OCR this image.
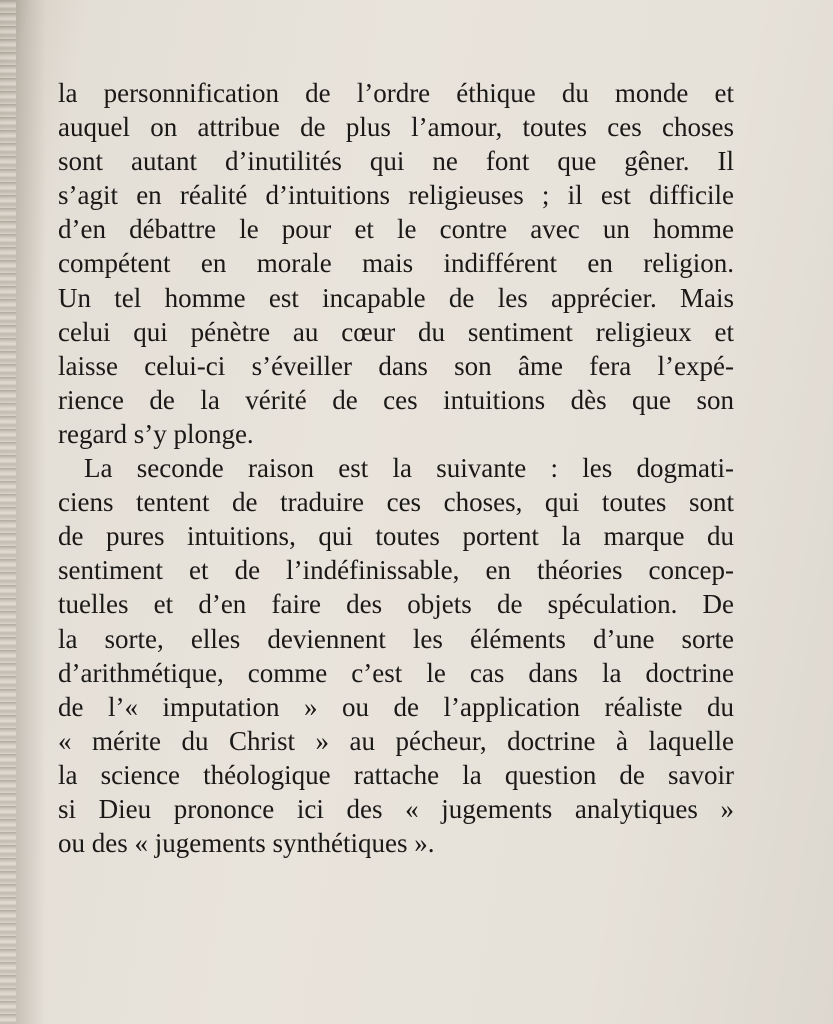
la personnification de l’ordre éthique du monde et
auquel on attribue de plus l’amour, toutes ces choses
sont autant d’inutilités qui ne font que gêner. Il
s’agit en réalité d’intuitions religieuses ; il est difficile
d’en débattre le pour et le contre avec un homme
compétent en morale mais indifférent en religion.
Un tel homme est incapable de les apprécier. Mais
celui qui pénètre au cœur du sentiment religieux et
laisse celui-ci s’éveiller dans son âme fera l’expé-
rience de la vérité de ces intuitions dès que son
regard s’y plonge.
La seconde raison est la suivante : les dogmati-
ciens tentent de traduire ces choses, qui toutes sont
de pures intuitions, qui toutes portent la marque du
sentiment et de l’indéfinissable, en théories concep-
tuelles et d’en faire des objets de spéculation. De
la sorte, elles deviennent les éléments d’une sorte
d’arithmétique, comme c’est le cas dans la doctrine
de l’« imputation » ou de l’application réaliste du
« mérite du Christ » au pécheur, doctrine à laquelle
la science théologique rattache la question de savoir
si Dieu prononce ici des « jugements analytiques »
ou des « jugements synthétiques ».
